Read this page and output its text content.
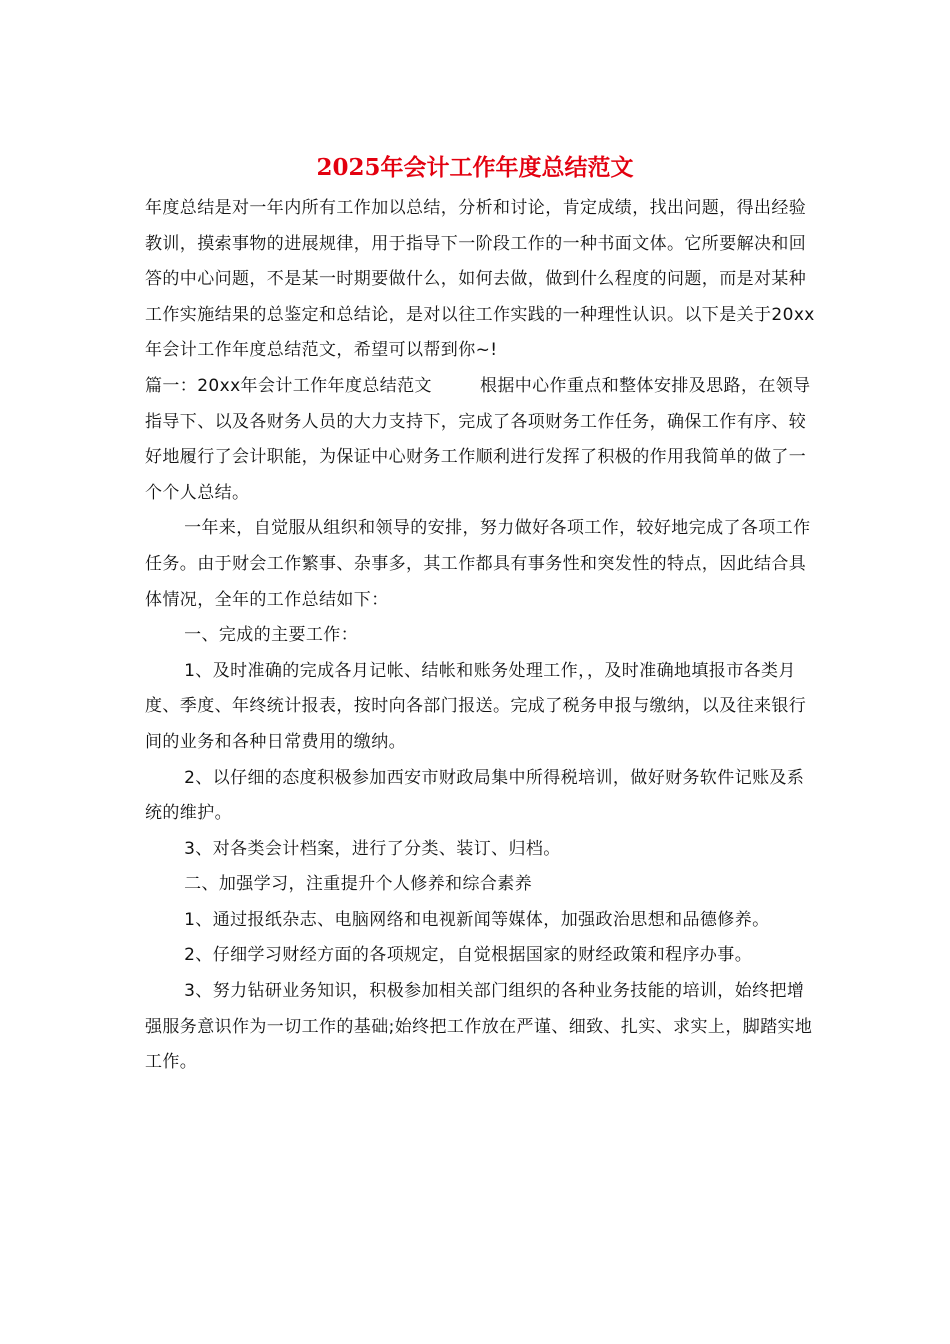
2025年会计工作年度总结范文

年度总结是对一年内所有工作加以总结，分析和讨论，肯定成绩，找出问题，得出经验教训，摸索事物的进展规律，用于指导下一阶段工作的一种书面文体。它所要解决和回答的中心问题，不是某一时期要做什么，如何去做，做到什么程度的问题，而是对某种工作实施结果的总鉴定和总结论，是对以往工作实践的一种理性认识。以下是关于20xx年会计工作年度总结范文，希望可以帮到你~!

篇一：20xx年会计工作年度总结范文	根据中心作重点和整体安排及思路，在领导指导下、以及各财务人员的大力支持下，完成了各项财务工作任务，确保工作有序、较好地履行了会计职能，为保证中心财务工作顺利进行发挥了积极的作用我简单的做了一个个人总结。

一年来，自觉服从组织和领导的安排，努力做好各项工作，较好地完成了各项工作任务。由于财会工作繁事、杂事多，其工作都具有事务性和突发性的特点，因此结合具体情况，全年的工作总结如下：

一、完成的主要工作：

1、及时准确的完成各月记帐、结帐和账务处理工作，，及时准确地填报市各类月度、季度、年终统计报表，按时向各部门报送。完成了税务申报与缴纳，以及往来银行间的业务和各种日常费用的缴纳。

2、以仔细的态度积极参加西安市财政局集中所得税培训，做好财务软件记账及系统的维护。

3、对各类会计档案，进行了分类、装订、归档。

二、加强学习，注重提升个人修养和综合素养

1、通过报纸杂志、电脑网络和电视新闻等媒体，加强政治思想和品德修养。

2、仔细学习财经方面的各项规定，自觉根据国家的财经政策和程序办事。

3、努力钻研业务知识，积极参加相关部门组织的各种业务技能的培训，始终把增强服务意识作为一切工作的基础;始终把工作放在严谨、细致、扎实、求实上，脚踏实地工作。
